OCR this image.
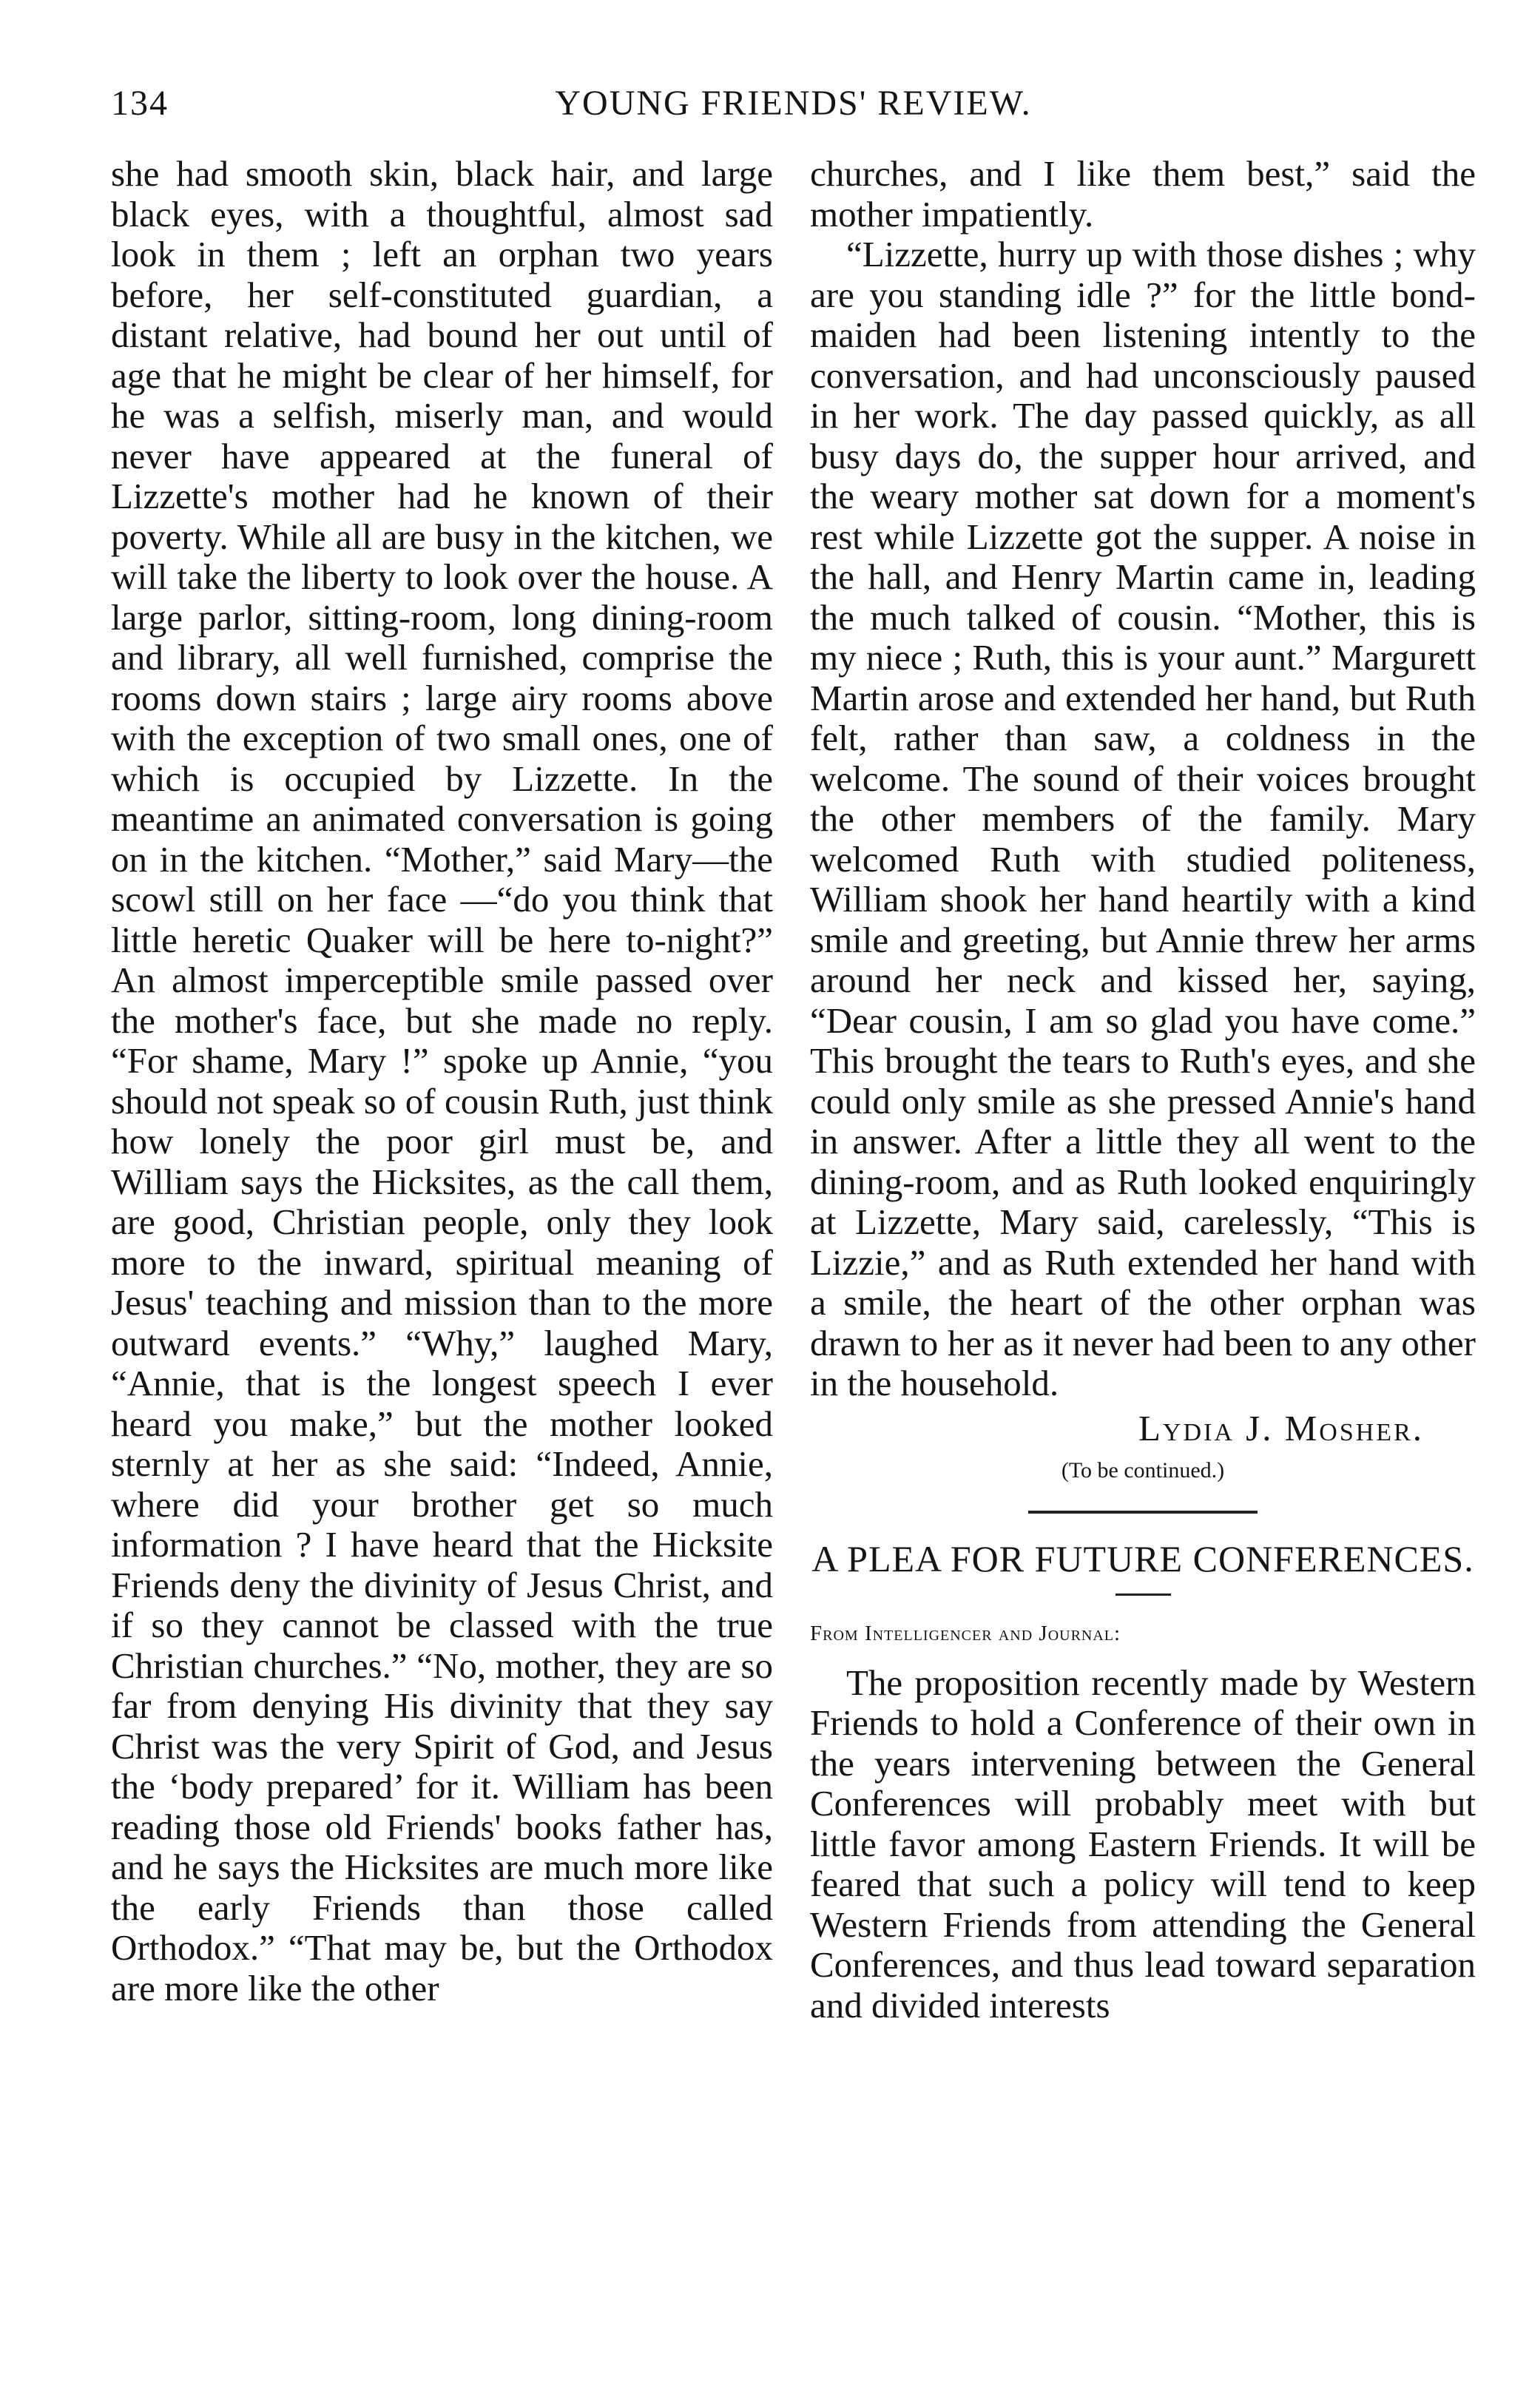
134	YOUNG FRIENDS' REVIEW.

she had smooth skin, black hair, and large black eyes, with a thoughtful, almost sad look in them ; left an orphan two years before, her self-constituted guardian, a distant relative, had bound her out until of age that he might be clear of her himself, for he was a selfish, miserly man, and would never have appeared at the funeral of Lizzette's mother had he known of their poverty. While all are busy in the kitchen, we will take the liberty to look over the house. A large parlor, sitting-room, long dining-room and library, all well furnished, comprise the rooms down stairs ; large airy rooms above with the exception of two small ones, one of which is occupied by Lizzette. In the meantime an animated conversation is going on in the kitchen. “Mother,” said Mary—the scowl still on her face —“do you think that little heretic Quaker will be here to-night?” An almost imperceptible smile passed over the mother's face, but she made no reply. “For shame, Mary !” spoke up Annie, “you should not speak so of cousin Ruth, just think how lonely the poor girl must be, and William says the Hicksites, as the call them, are good, Christian people, only they look more to the inward, spiritual meaning of Jesus' teaching and mission than to the more outward events.” “Why,” laughed Mary, “Annie, that is the longest speech I ever heard you make,” but the mother looked sternly at her as she said: “Indeed, Annie, where did your brother get so much information ? I have heard that the Hicksite Friends deny the divinity of Jesus Christ, and if so they cannot be classed with the true Christian churches.” “No, mother, they are so far from denying His divinity that they say Christ was the very Spirit of God, and Jesus the ‘body prepared’ for it. William has been reading those old Friends' books father has, and he says the Hicksites are much more like the early Friends than those called Orthodox.” “That may be, but the Orthodox are more like the other

churches, and I like them best,” said the mother impatiently.

“Lizzette, hurry up with those dishes ; why are you standing idle ?” for the little bond-maiden had been listening intently to the conversation, and had unconsciously paused in her work. The day passed quickly, as all busy days do, the supper hour arrived, and the weary mother sat down for a moment's rest while Lizzette got the supper. A noise in the hall, and Henry Martin came in, leading the much talked of cousin. “Mother, this is my niece ; Ruth, this is your aunt.” Margurett Martin arose and extended her hand, but Ruth felt, rather than saw, a coldness in the welcome. The sound of their voices brought the other members of the family. Mary welcomed Ruth with studied politeness, William shook her hand heartily with a kind smile and greeting, but Annie threw her arms around her neck and kissed her, saying, “Dear cousin, I am so glad you have come.” This brought the tears to Ruth's eyes, and she could only smile as she pressed Annie's hand in answer. After a little they all went to the dining-room, and as Ruth looked enquiringly at Lizzette, Mary said, carelessly, “This is Lizzie,” and as Ruth extended her hand with a smile, the heart of the other orphan was drawn to her as it never had been to any other in the household.

Lydia J. Mosher.

(To be continued.)

A PLEA FOR FUTURE CONFERENCES.

From Intelligencer and Journal:

The proposition recently made by Western Friends to hold a Conference of their own in the years intervening between the General Conferences will probably meet with but little favor among Eastern Friends. It will be feared that such a policy will tend to keep Western Friends from attending the General Conferences, and thus lead toward separation and divided interests
